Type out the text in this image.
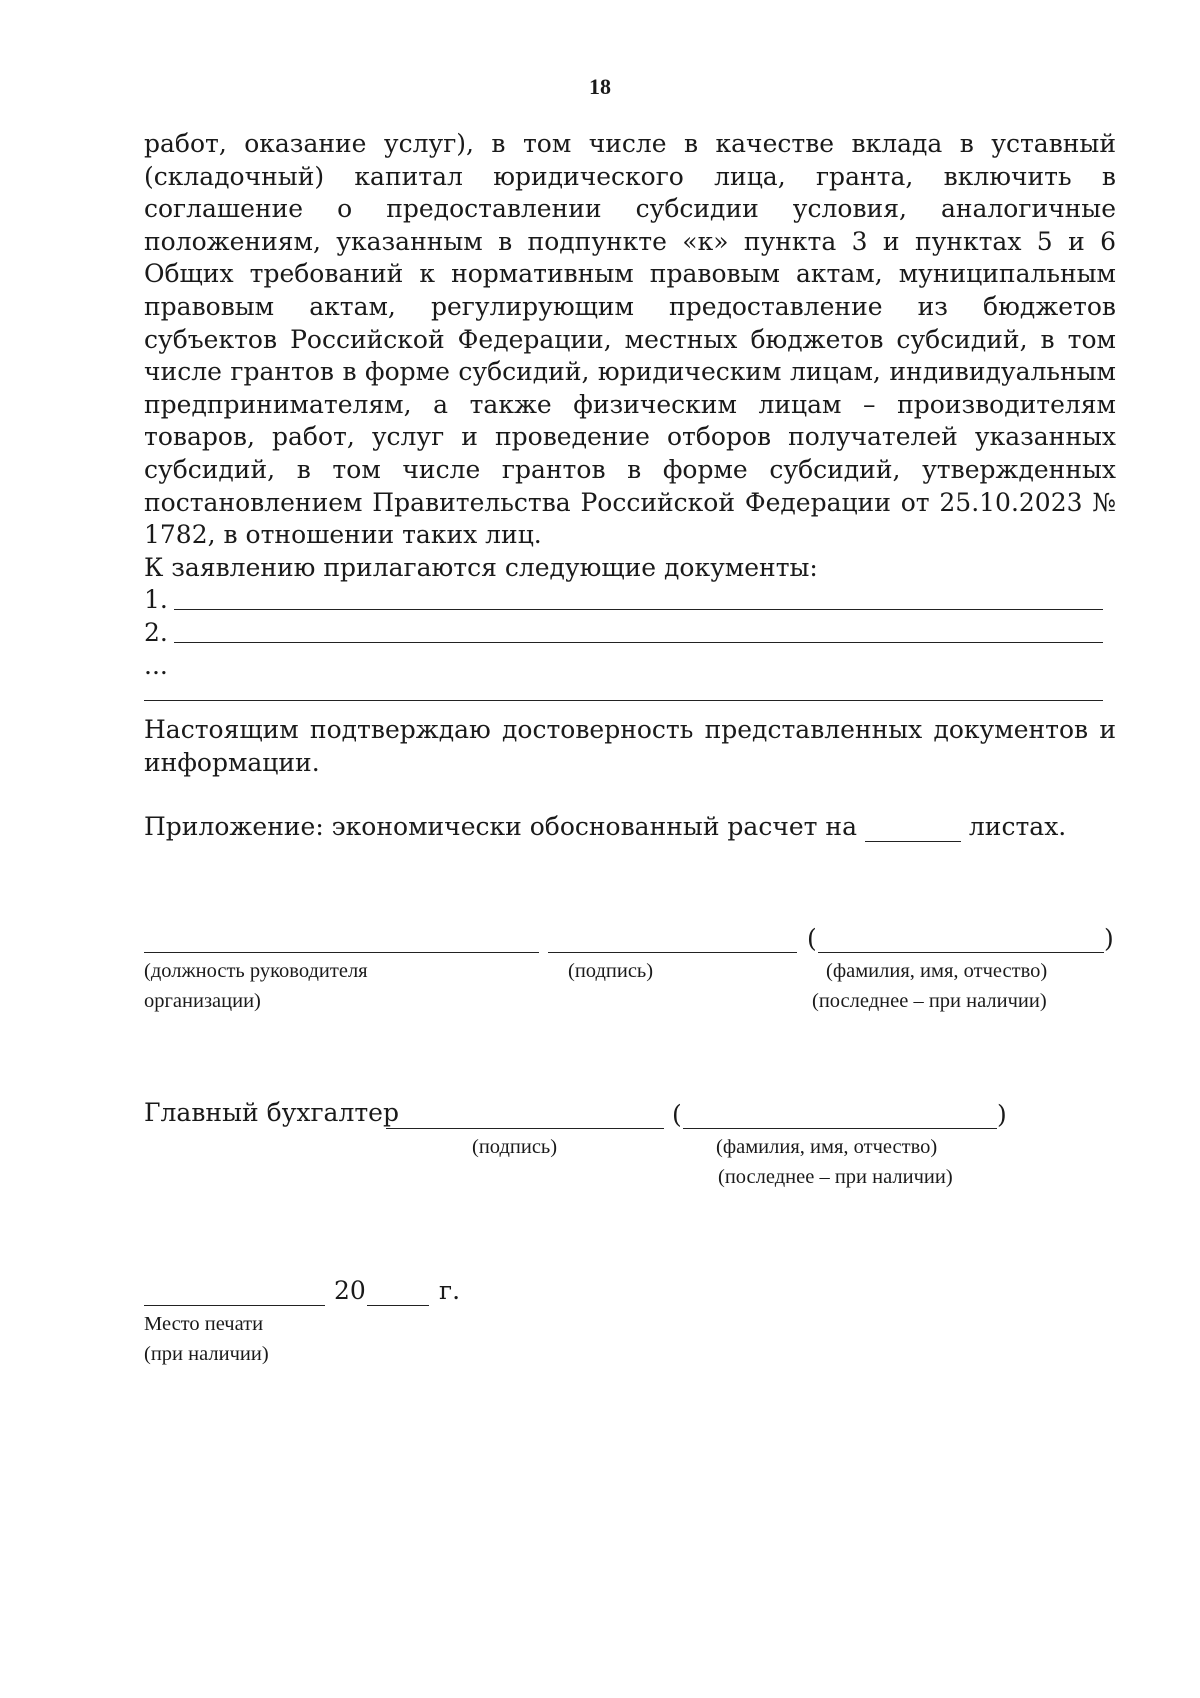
18

работ, оказание услуг), в том числе в качестве вклада в уставный (складочный) капитал юридического лица, гранта, включить в соглашение о предоставлении субсидии условия, аналогичные положениям, указанным в подпункте «к» пункта 3 и пунктах 5 и 6 Общих требований к нормативным правовым актам, муниципальным правовым актам, регулирующим предоставление из бюджетов субъектов Российской Федерации, местных бюджетов субсидий, в том числе грантов в форме субсидий, юридическим лицам, индивидуальным предпринимателям, а также физическим лицам – производителям товаров, работ, услуг и проведение отборов получателей указанных субсидий, в том числе грантов в форме субсидий, утвержденных постановлением Правительства Российской Федерации от 25.10.2023 № 1782, в отношении таких лиц.

К заявлению прилагаются следующие документы:

1.
2.
...
Настоящим подтверждаю достоверность представленных документов и информации.
Приложение: экономически обоснованный расчет на	листах.
(	)
(должность руководителя
организации)
(подпись)	(фамилия, имя, отчество)
(последнее – при наличии)
Главный бухгалтер	(	)
(подпись)	(фамилия, имя, отчество)
(последнее – при наличии)
20	г.
Место печати
(при наличии)
